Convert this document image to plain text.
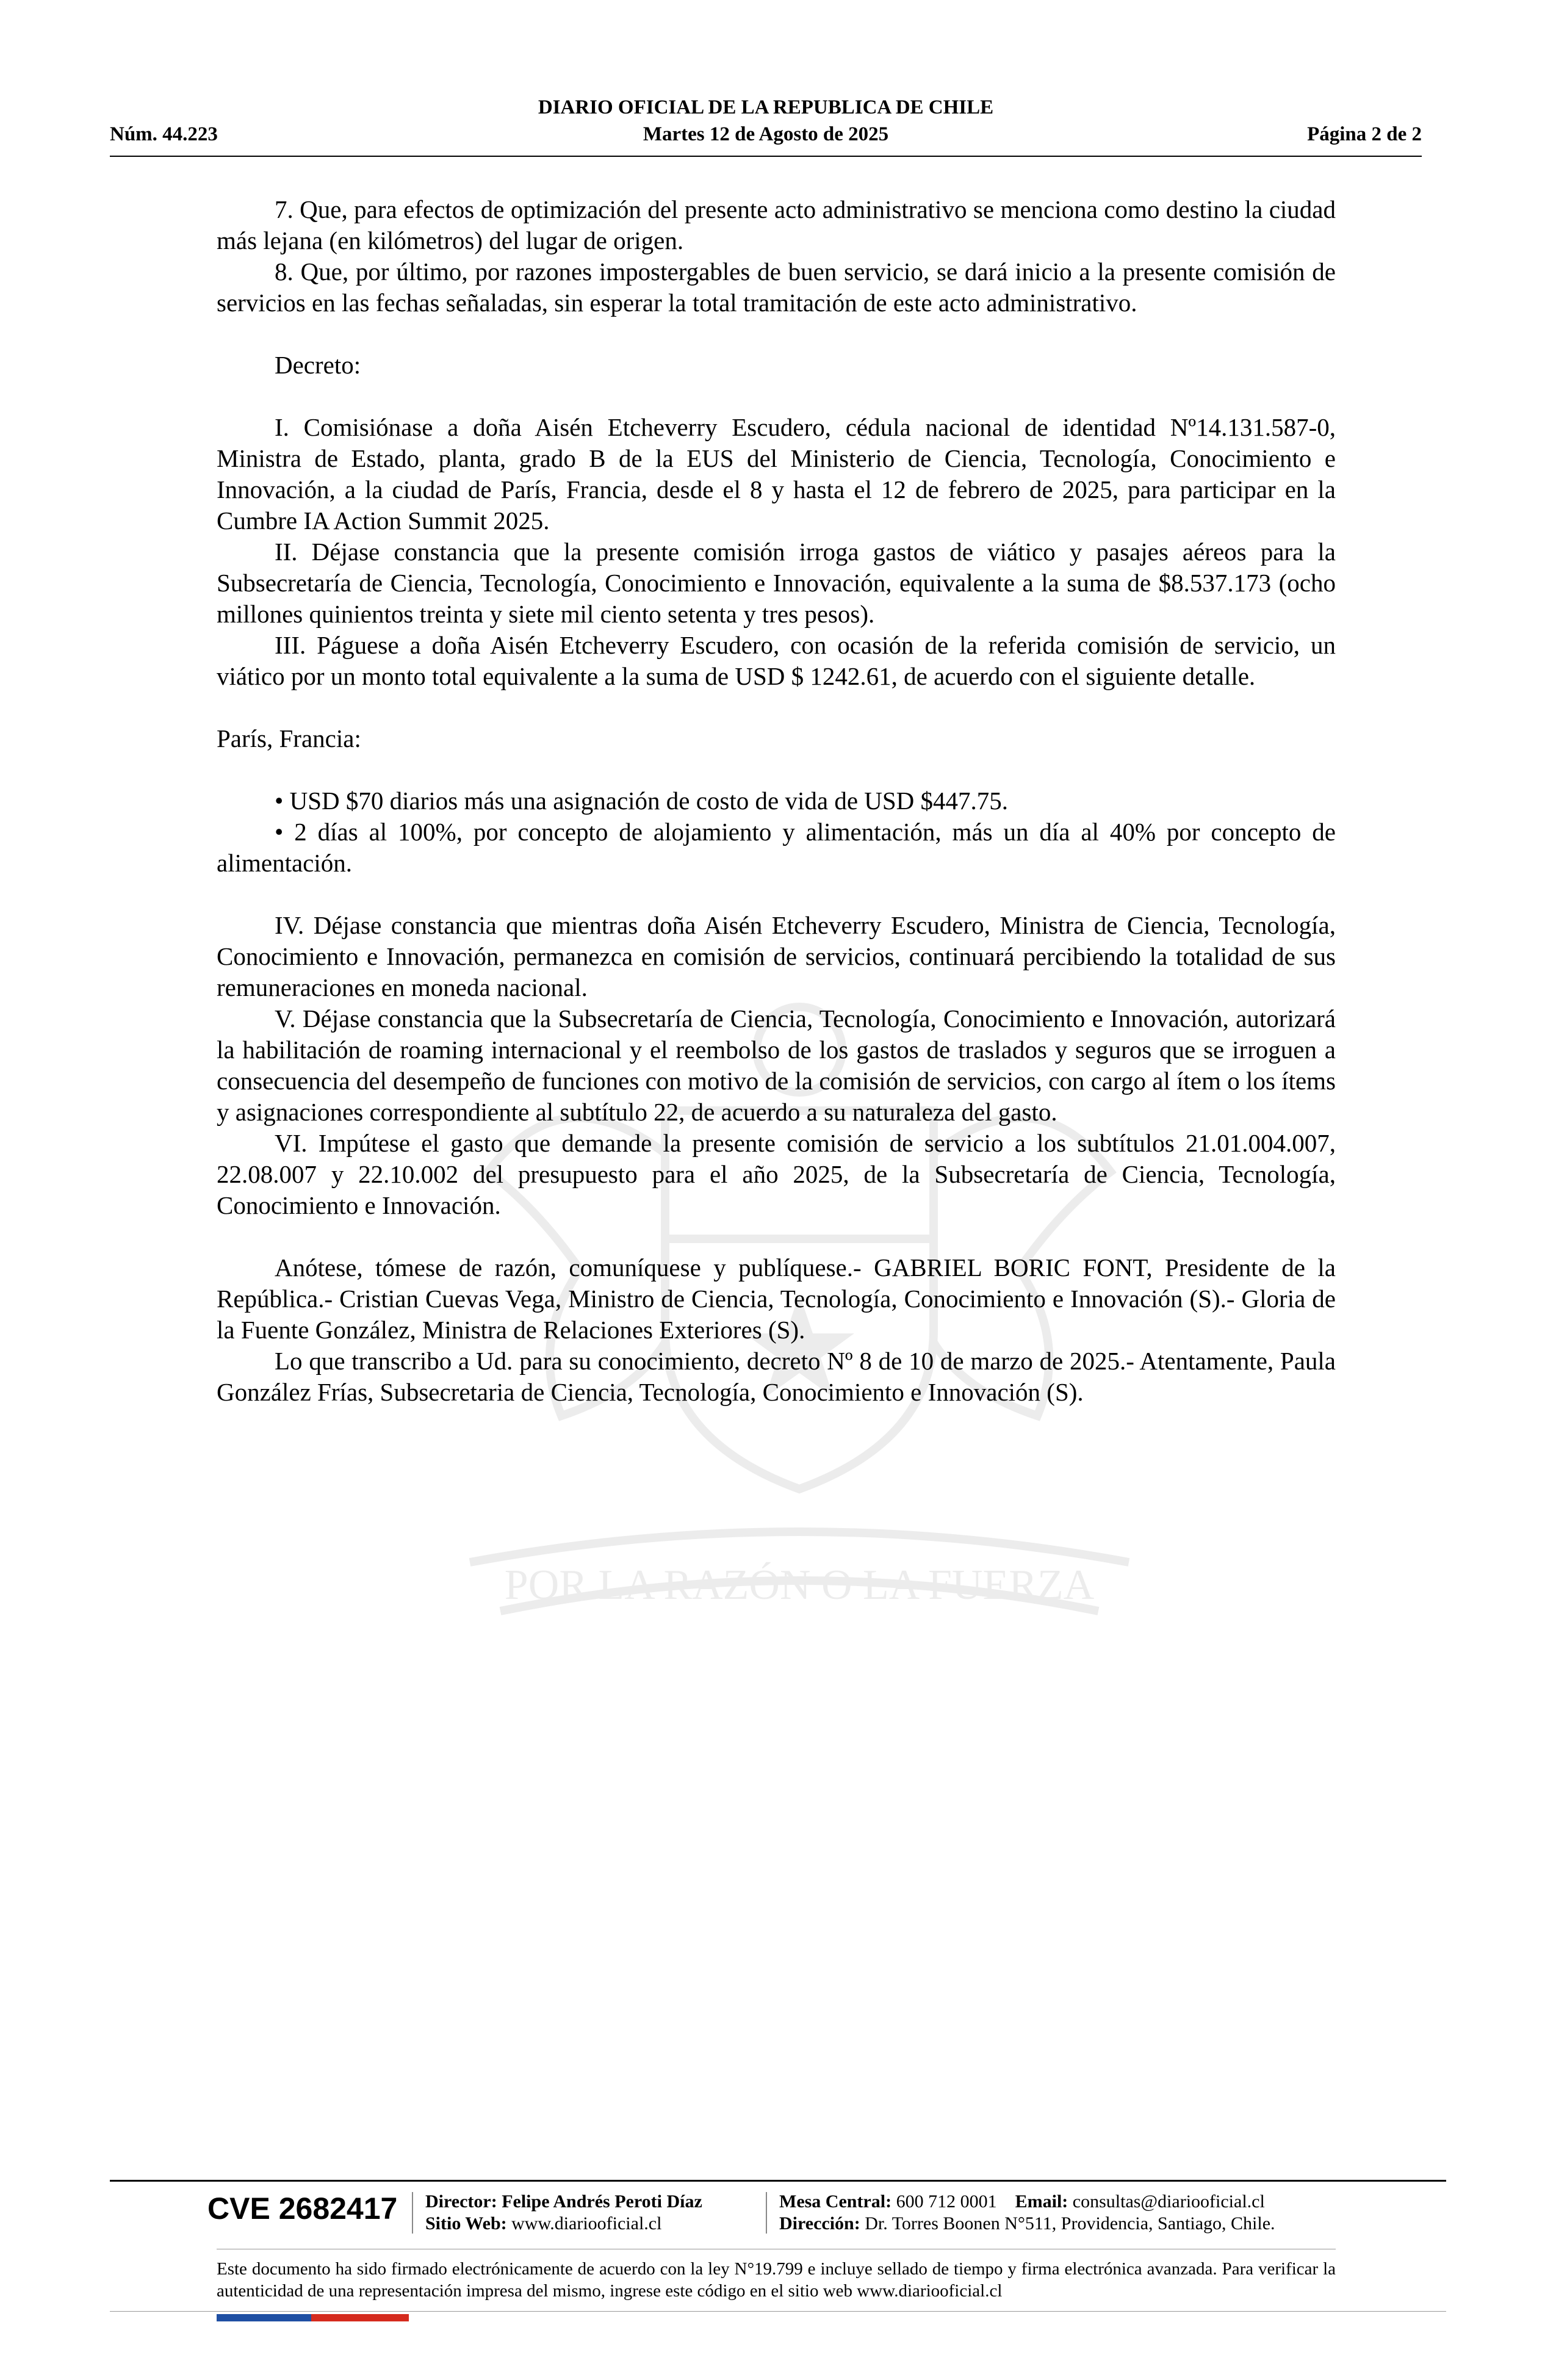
POR LA RAZÓN O LA FUERZA
DIARIO OFICIAL DE LA REPUBLICA DE CHILE
Núm. 44.223	Martes 12 de Agosto de 2025	Página 2 de 2

7. Que, para efectos de optimización del presente acto administrativo se menciona como destino la ciudad más lejana (en kilómetros) del lugar de origen.

8. Que, por último, por razones impostergables de buen servicio, se dará inicio a la presente comisión de servicios en las fechas señaladas, sin esperar la total tramitación de este acto administrativo.

Decreto:

I. Comisiónase a doña Aisén Etcheverry Escudero, cédula nacional de identidad Nº14.131.587-0, Ministra de Estado, planta, grado B de la EUS del Ministerio de Ciencia, Tecnología, Conocimiento e Innovación, a la ciudad de París, Francia, desde el 8 y hasta el 12 de febrero de 2025, para participar en la Cumbre IA Action Summit 2025.

II. Déjase constancia que la presente comisión irroga gastos de viático y pasajes aéreos para la Subsecretaría de Ciencia, Tecnología, Conocimiento e Innovación, equivalente a la suma de $8.537.173 (ocho millones quinientos treinta y siete mil ciento setenta y tres pesos).

III. Páguese a doña Aisén Etcheverry Escudero, con ocasión de la referida comisión de servicio, un viático por un monto total equivalente a la suma de USD $ 1242.61, de acuerdo con el siguiente detalle.

París, Francia:

• USD $70 diarios más una asignación de costo de vida de USD $447.75.

• 2 días al 100%, por concepto de alojamiento y alimentación, más un día al 40% por concepto de alimentación.

IV. Déjase constancia que mientras doña Aisén Etcheverry Escudero, Ministra de Ciencia, Tecnología, Conocimiento e Innovación, permanezca en comisión de servicios, continuará percibiendo la totalidad de sus remuneraciones en moneda nacional.

V. Déjase constancia que la Subsecretaría de Ciencia, Tecnología, Conocimiento e Innovación, autorizará la habilitación de roaming internacional y el reembolso de los gastos de traslados y seguros que se irroguen a consecuencia del desempeño de funciones con motivo de la comisión de servicios, con cargo al ítem o los ítems y asignaciones correspondiente al subtítulo 22, de acuerdo a su naturaleza del gasto.

VI. Impútese el gasto que demande la presente comisión de servicio a los subtítulos 21.01.004.007, 22.08.007 y 22.10.002 del presupuesto para el año 2025, de la Subsecretaría de Ciencia, Tecnología, Conocimiento e Innovación.

Anótese, tómese de razón, comuníquese y publíquese.- GABRIEL BORIC FONT, Presidente de la República.- Cristian Cuevas Vega, Ministro de Ciencia, Tecnología, Conocimiento e Innovación (S).- Gloria de la Fuente González, Ministra de Relaciones Exteriores (S).

Lo que transcribo a Ud. para su conocimiento, decreto Nº 8 de 10 de marzo de 2025.- Atentamente, Paula González Frías, Subsecretaria de Ciencia, Tecnología, Conocimiento e Innovación (S).

CVE 2682417 Director: Felipe Andrés Peroti Díaz
Sitio Web: www.diariooficial.cl
Mesa Central: 600 712 0001 Email: consultas@diariooficial.cl
Dirección: Dr. Torres Boonen N°511, Providencia, Santiago, Chile.
Este documento ha sido firmado electrónicamente de acuerdo con la ley N°19.799 e incluye sellado de tiempo y firma electrónica avanzada. Para verificar la autenticidad de una representación impresa del mismo, ingrese este código en el sitio web www.diariooficial.cl
